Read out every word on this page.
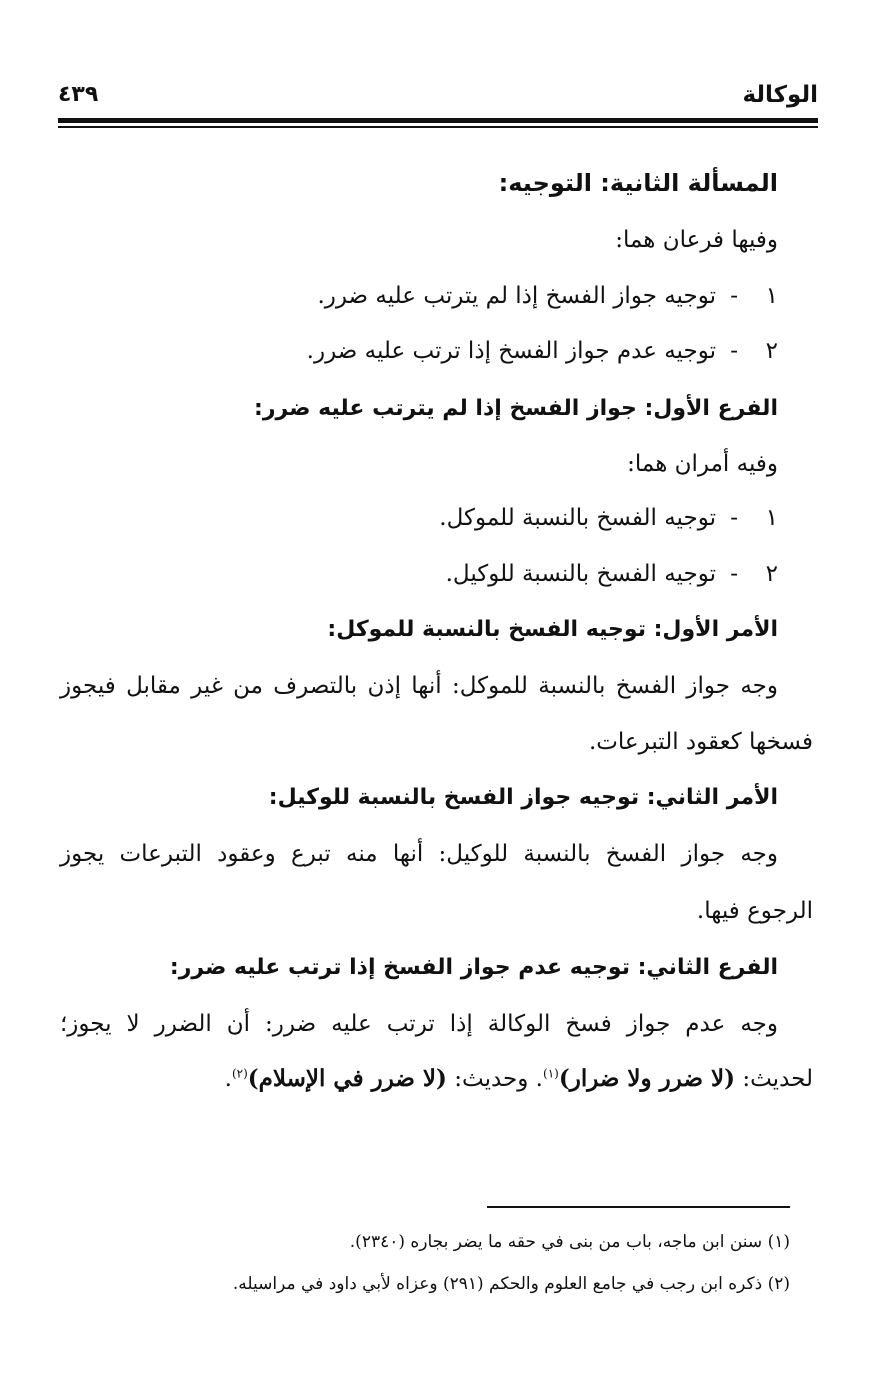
الوكالة
٤٣٩
المسألة الثانية: التوجيه:
وفيها فرعان هما:
١-توجيه جواز الفسخ إذا لم يترتب عليه ضرر.
٢-توجيه عدم جواز الفسخ إذا ترتب عليه ضرر.
الفرع الأول: جواز الفسخ إذا لم يترتب عليه ضرر:
وفيه أمران هما:
١-توجيه الفسخ بالنسبة للموكل.
٢-توجيه الفسخ بالنسبة للوكيل.
الأمر الأول: توجيه الفسخ بالنسبة للموكل:
وجه جواز الفسخ بالنسبة للموكل: أنها إذن بالتصرف من غير مقابل فيجوز
فسخها كعقود التبرعات.
الأمر الثاني: توجيه جواز الفسخ بالنسبة للوكيل:
وجه جواز الفسخ بالنسبة للوكيل: أنها منه تبرع وعقود التبرعات يجوز
الرجوع فيها.
الفرع الثاني: توجيه عدم جواز الفسخ إذا ترتب عليه ضرر:
وجه عدم جواز فسخ الوكالة إذا ترتب عليه ضرر: أن الضرر لا يجوز؛
لحديث: (لا ضرر ولا ضرار)$^{(١)}$. وحديث: (لا ضرر في الإسلام)$^{(٢)}$.
(١) سنن ابن ماجه، باب من بنى في حقه ما يضر بجاره (٢٣٤٠).
(٢) ذكره ابن رجب في جامع العلوم والحكم (٢٩١) وعزاه لأبي داود في مراسيله.
